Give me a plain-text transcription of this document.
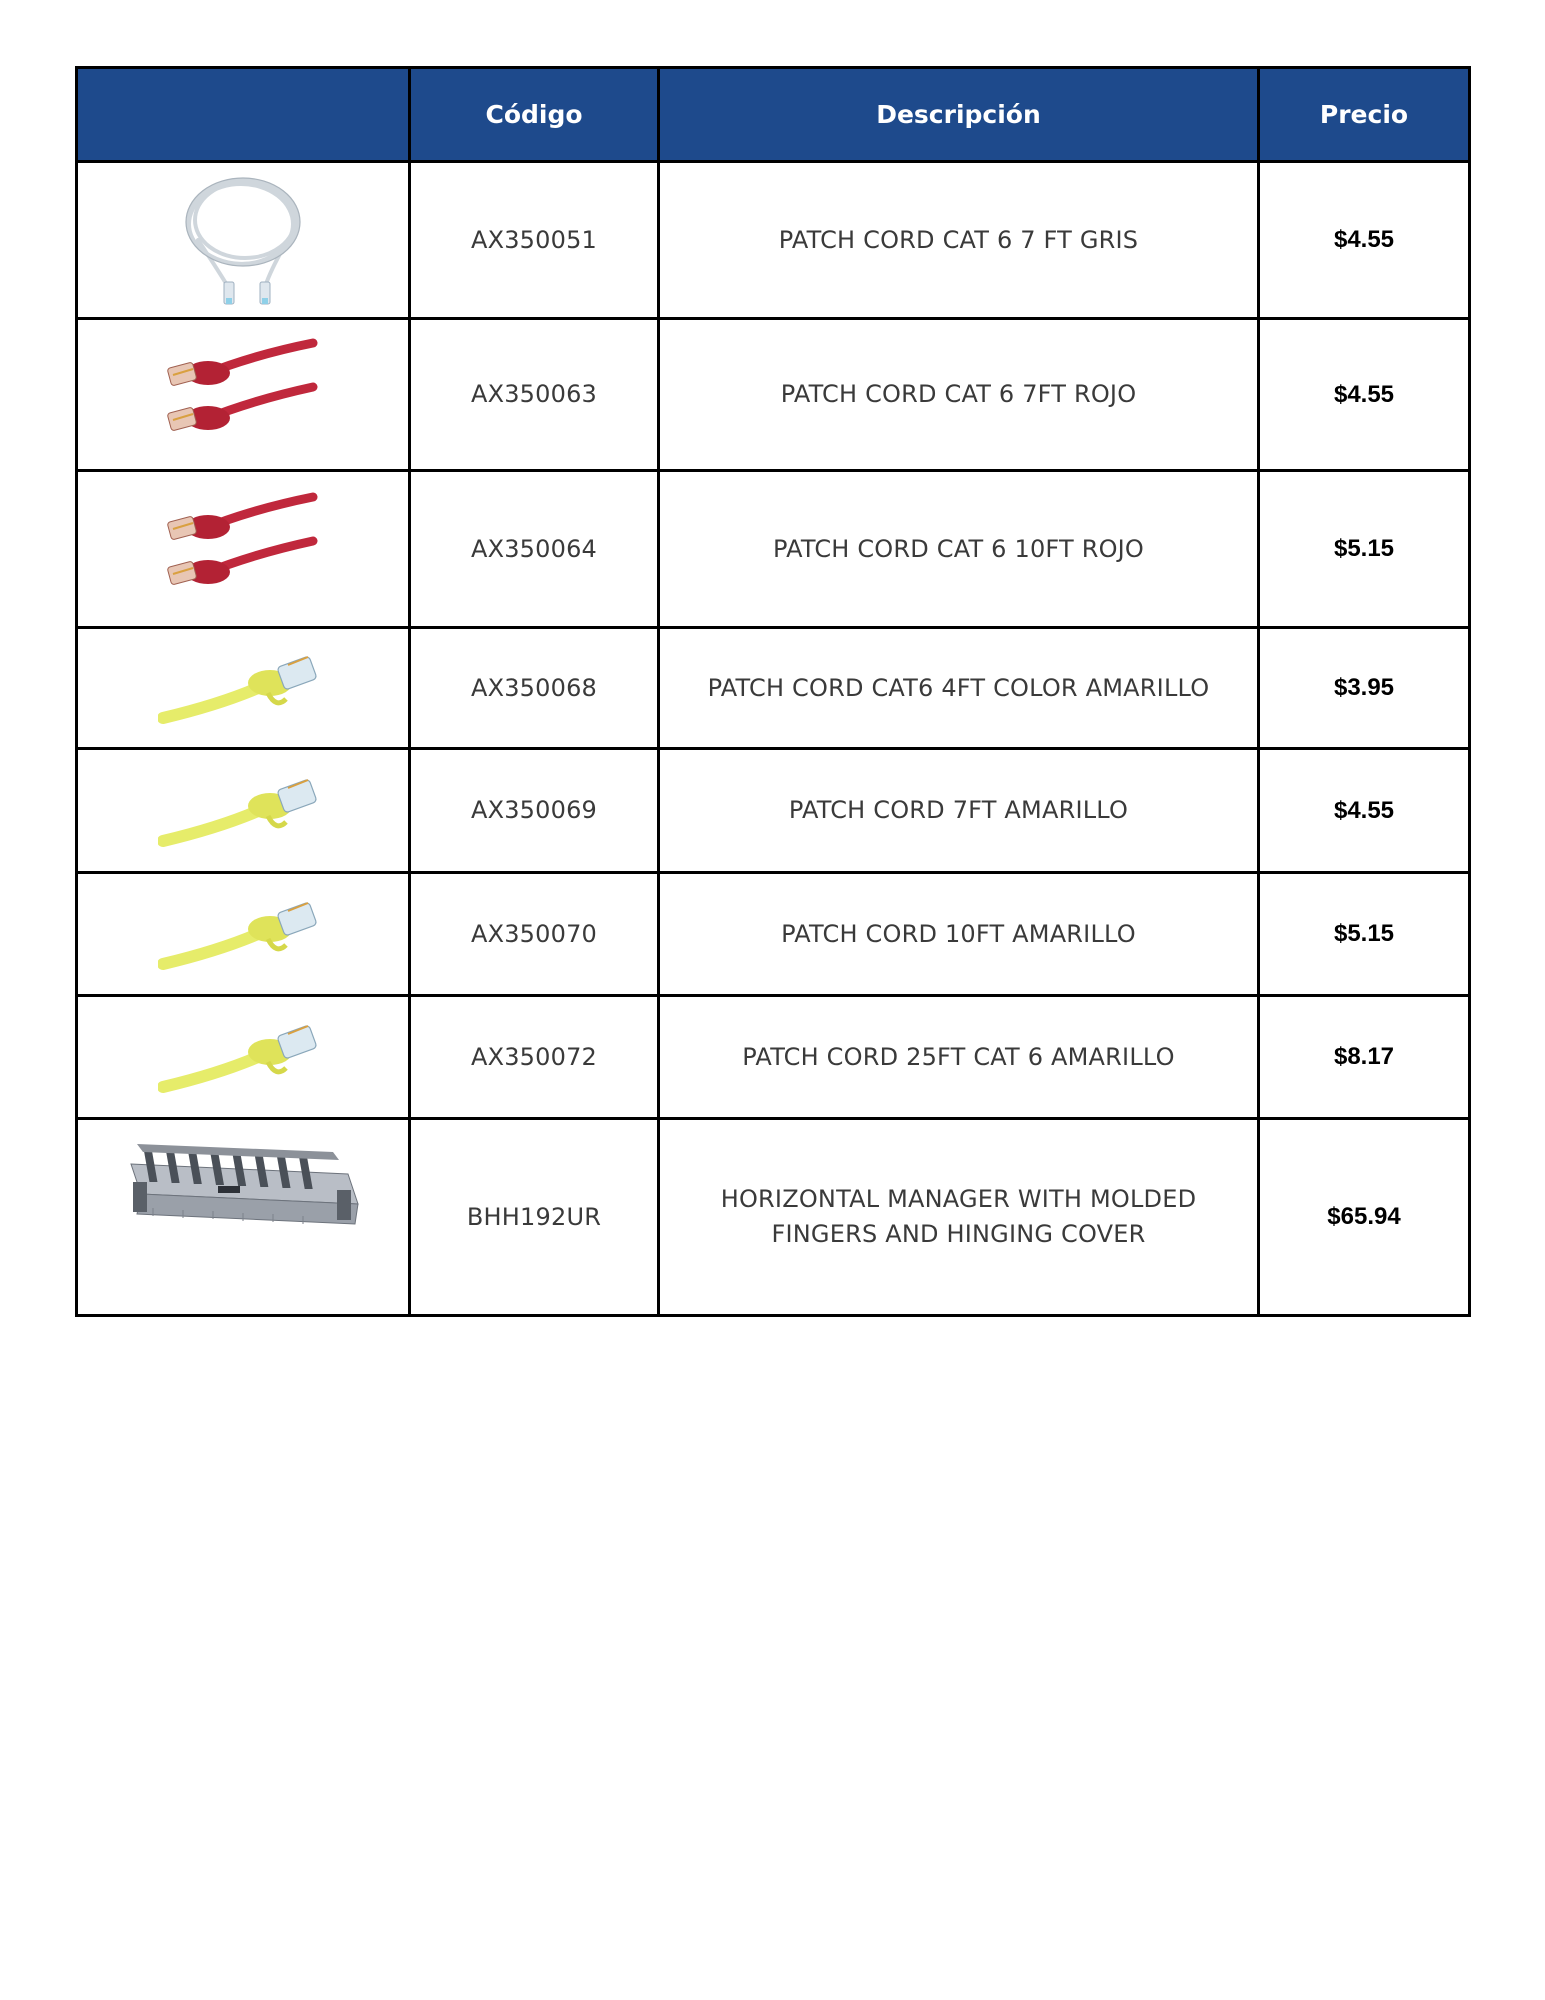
	Código	Descripción	Precio

	AX350051	PATCH CORD CAT 6 7 FT GRIS	$4.55

	AX350063	PATCH CORD CAT 6 7FT ROJO	$4.55

	AX350064	PATCH CORD CAT 6 10FT ROJO	$5.15

	AX350068	PATCH CORD CAT6 4FT COLOR AMARILLO	$3.95

	AX350069	PATCH CORD 7FT AMARILLO	$4.55

	AX350070	PATCH CORD 10FT AMARILLO	$5.15

	AX350072	PATCH CORD 25FT CAT 6 AMARILLO	$8.17

	BHH192UR	HORIZONTAL MANAGER WITH MOLDED FINGERS AND HINGING COVER	$65.94
